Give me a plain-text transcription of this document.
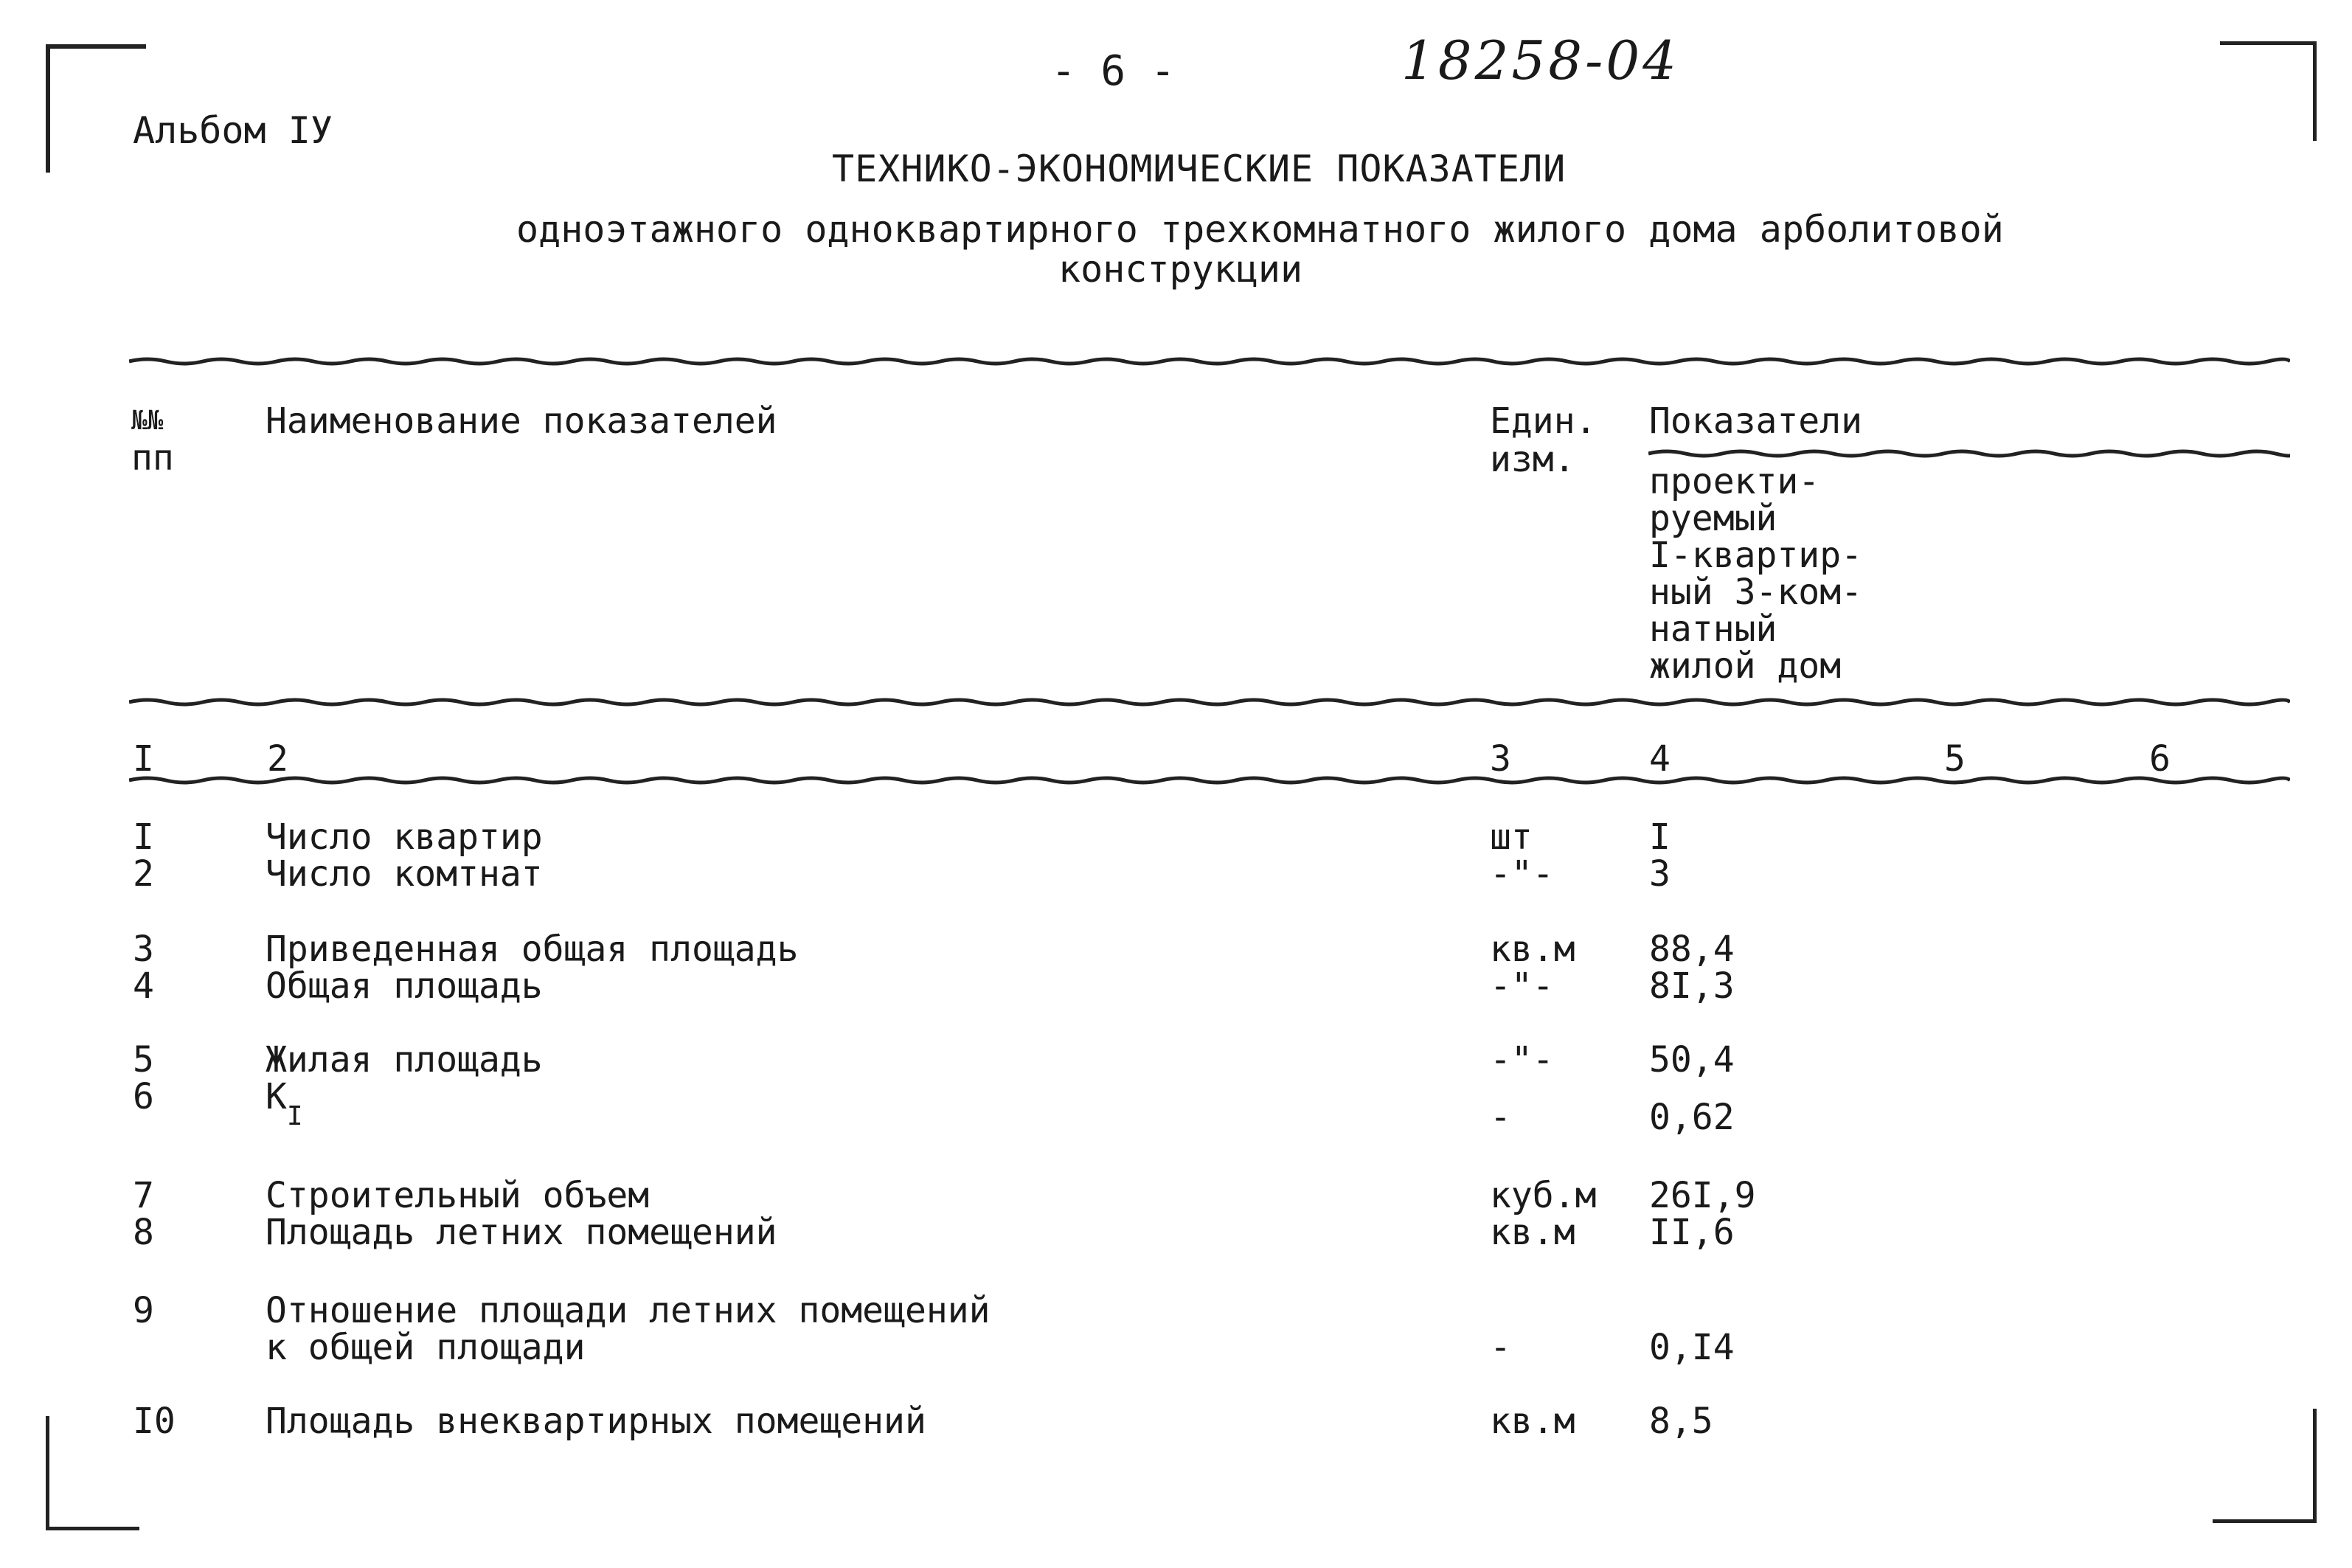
Альбом IУ
- 6 -	18258-04
ТЕХНИКО-ЭКОНОМИЧЕСКИЕ ПОКАЗАТЕЛИ
одноэтажного одноквартирного трехкомнатного жилого дома арболитовой
конструкции
№№
пп
Наименование показателей	Един.
изм.
Показатели
проекти-
руемый
I-квартир-
ный 3-ком-
натный
жилой дом
I	2	3	4	5	6
I	Число квартир	шт	I
2	Число комтнат	-"-	3
3	Приведенная общая площадь	кв.м 88,4
4	Общая площадь	-"-	8I,3
5	Жилая площадь	-"-	50,4
6	$К_I$	-	0,62
7	Строительный объем	куб.м 26I,9
8	Площадь летних помещений	кв.м II,6
9	Отношение площади летних помещений
к общей площади	-	0,I4
I0	Площадь внеквартирных помещений	кв.м 8,5
